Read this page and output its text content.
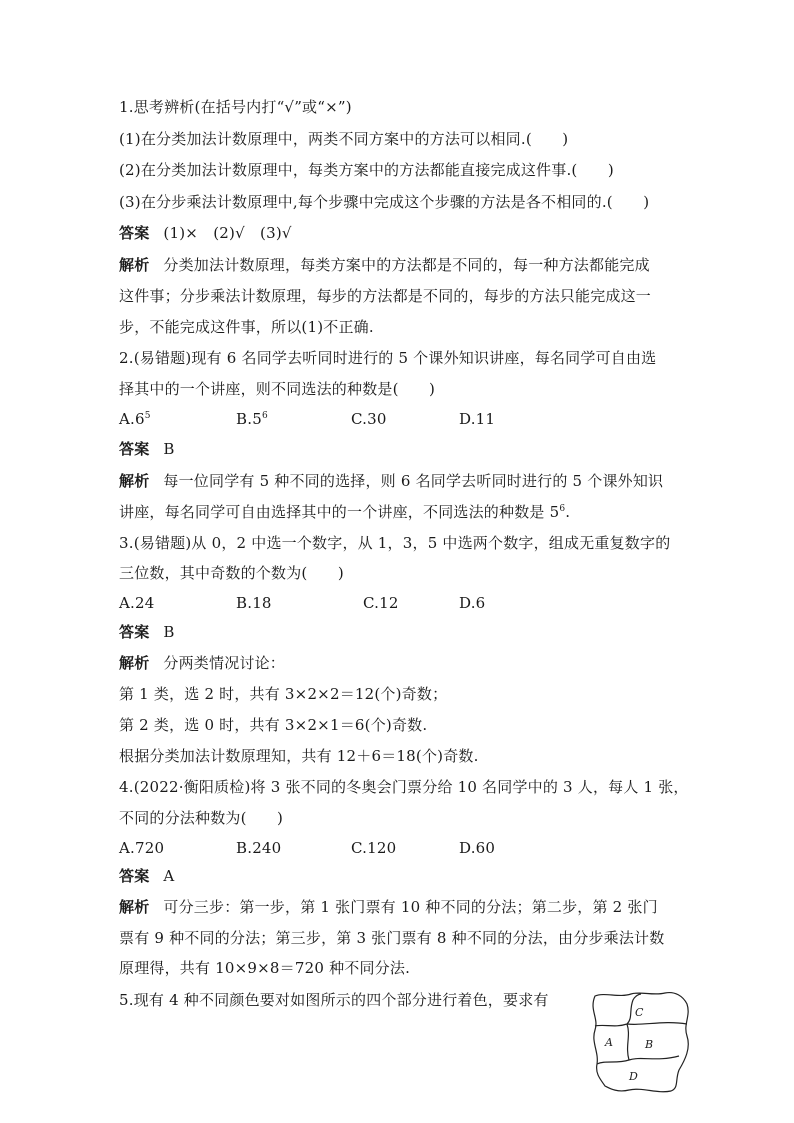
1.思考辨析(在括号内打“√”或“×”)
(1)在分类加法计数原理中，两类不同方案中的方法可以相同.(　　)
(2)在分类加法计数原理中，每类方案中的方法都能直接完成这件事.(　　)
(3)在分步乘法计数原理中,每个步骤中完成这个步骤的方法是各不相同的.(　　)
答案 (1)×　(2)√　(3)√
解析 分类加法计数原理，每类方案中的方法都是不同的，每一种方法都能完成
这件事；分步乘法计数原理，每步的方法都是不同的，每步的方法只能完成这一
步，不能完成这件事，所以(1)不正确.
2.(易错题)现有 6 名同学去听同时进行的 5 个课外知识讲座，每名同学可自由选
择其中的一个讲座，则不同选法的种数是(　　)
$A.6^5$	$B.5^6$	C.30	D.11
答案 B
解析 每一位同学有 5 种不同的选择，则 6 名同学去听同时进行的 5 个课外知识
讲座，每名同学可自由选择其中的一个讲座，不同选法的种数是 $5^6$.
3.(易错题)从 0，2 中选一个数字，从 1，3，5 中选两个数字，组成无重复数字的
三位数，其中奇数的个数为(　　)
A.24	B.18	C.12	D.6
答案 B
解析 分两类情况讨论：
第 1 类，选 2 时，共有 3×2×2＝12(个)奇数；
第 2 类，选 0 时，共有 3×2×1＝6(个)奇数.
根据分类加法计数原理知，共有 12＋6＝18(个)奇数.
4.(2022·衡阳质检)将 3 张不同的冬奥会门票分给 10 名同学中的 3 人，每人 1 张，
不同的分法种数为(　　)
A.720	B.240	C.120	D.60
答案 A
解析 可分三步：第一步，第 1 张门票有 10 种不同的分法；第二步，第 2 张门
票有 9 种不同的分法；第三步，第 3 张门票有 8 种不同的分法，由分步乘法计数
原理得，共有 10×9×8＝720 种不同分法.
5.现有 4 种不同颜色要对如图所示的四个部分进行着色，要求有
C
A	B
D
